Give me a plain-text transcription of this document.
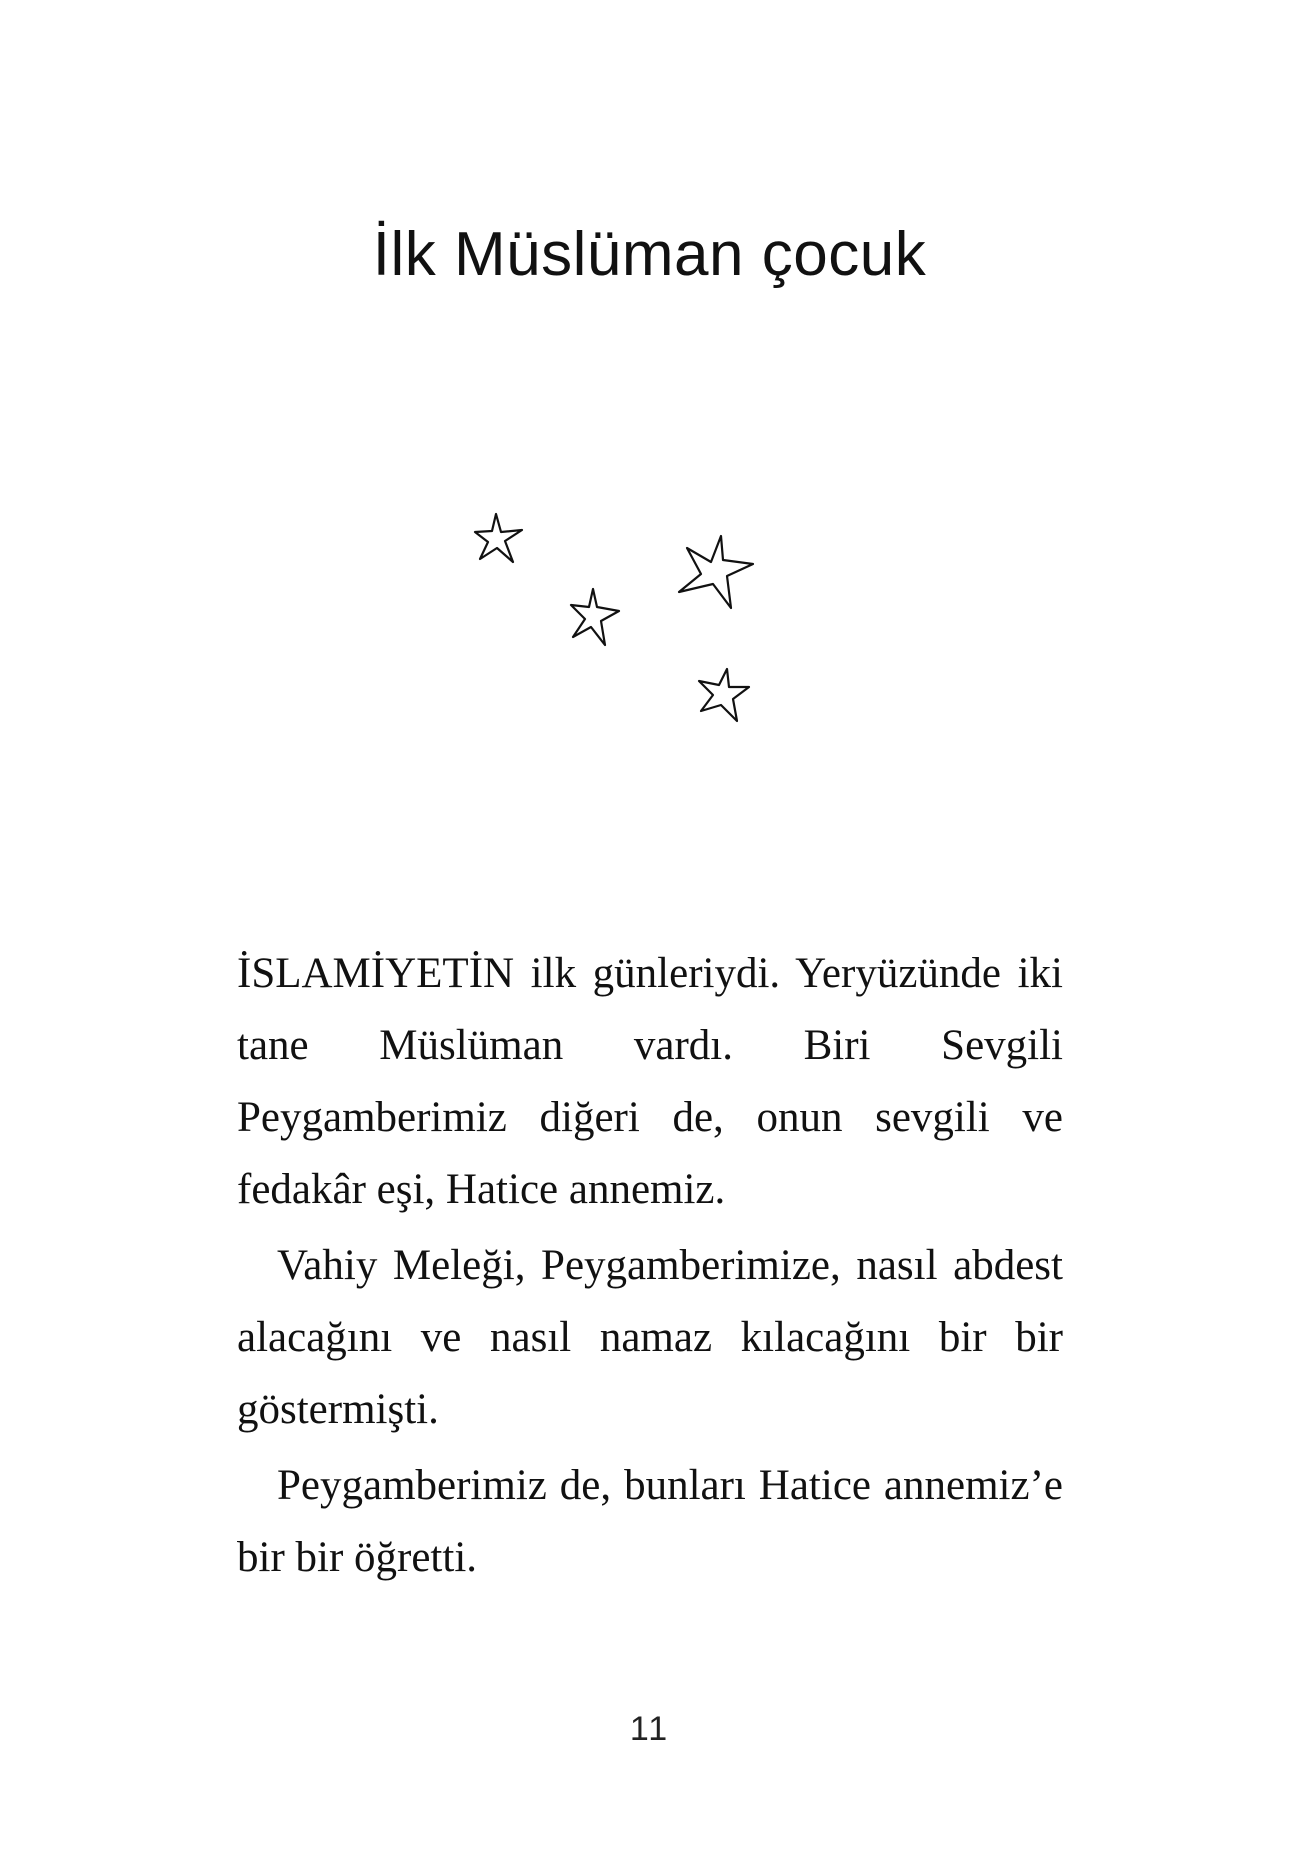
İlk Müslüman çocuk

İSLAMİYETİN ilk günleriydi. Yeryüzünde iki tane Müslüman vardı. Biri Sevgili Peygamberimiz diğeri de, onun sevgili ve fedakâr eşi, Hatice annemiz.

Vahiy Meleği, Peygamberimize, nasıl abdest alacağını ve nasıl namaz kılacağını bir bir göstermişti.

Peygamberimiz de, bunları Hatice annemiz’e bir bir öğretti.

11
